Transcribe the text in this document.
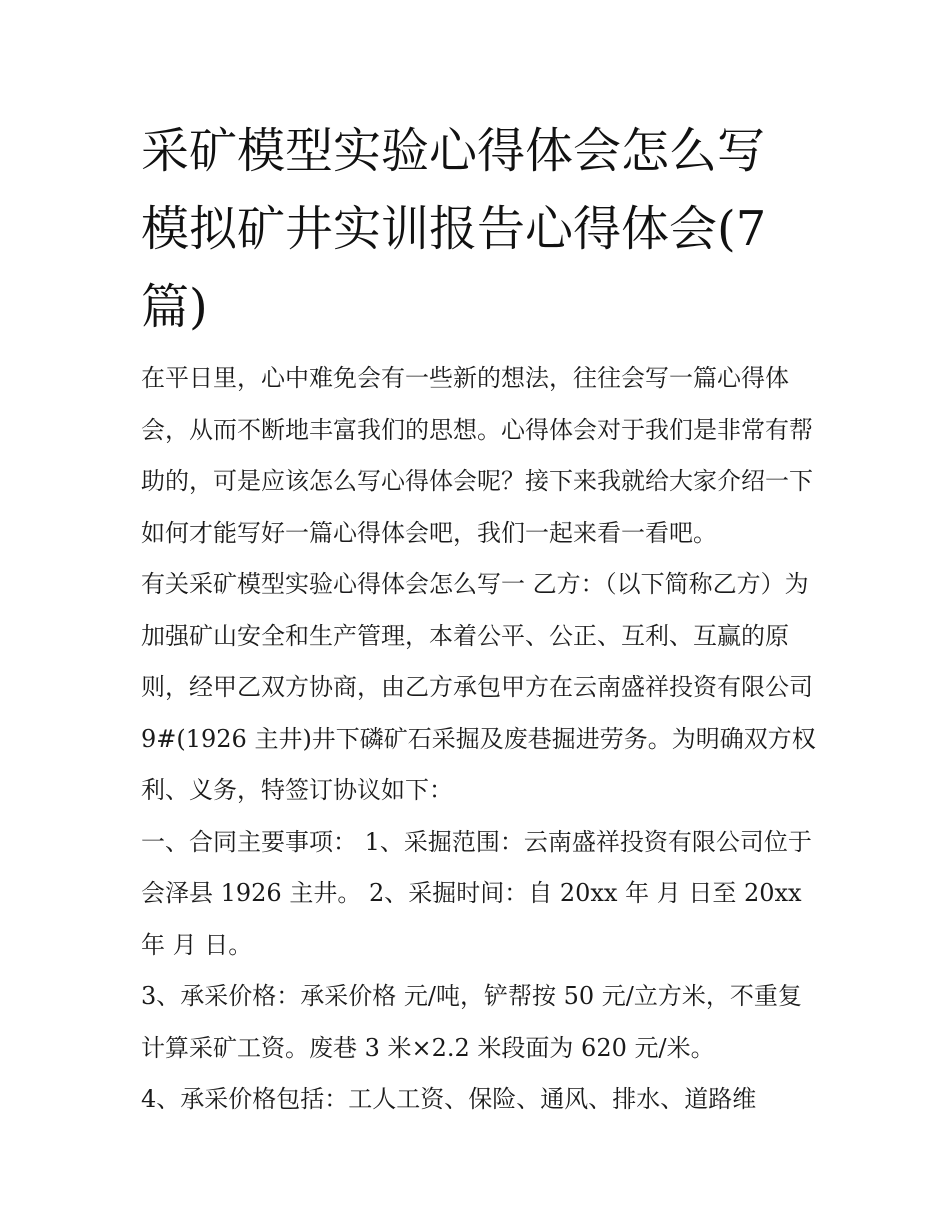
采矿模型实验心得体会怎么写 模拟矿井实训报告心得体会(7篇)

在平日里，心中难免会有一些新的想法，往往会写一篇心得体会，从而不断地丰富我们的思想。心得体会对于我们是非常有帮助的，可是应该怎么写心得体会呢？接下来我就给大家介绍一下如何才能写好一篇心得体会吧，我们一起来看一看吧。

有关采矿模型实验心得体会怎么写一 乙方：（以下简称乙方）为加强矿山安全和生产管理，本着公平、公正、互利、互赢的原则，经甲乙双方协商，由乙方承包甲方在云南盛祥投资有限公司 9#(1926 主井)井下磷矿石采掘及废巷掘进劳务。为明确双方权利、义务，特签订协议如下：

一、合同主要事项： 1、采掘范围：云南盛祥投资有限公司位于会泽县 1926 主井。 2、采掘时间：自 20xx 年 月 日至 20xx 年 月 日。

3、承采价格：承采价格 元/吨，铲帮按 50 元/立方米，不重复计算采矿工资。废巷 3 米×2.2 米段面为 620 元/米。

4、承采价格包括：工人工资、保险、通风、排水、道路维
